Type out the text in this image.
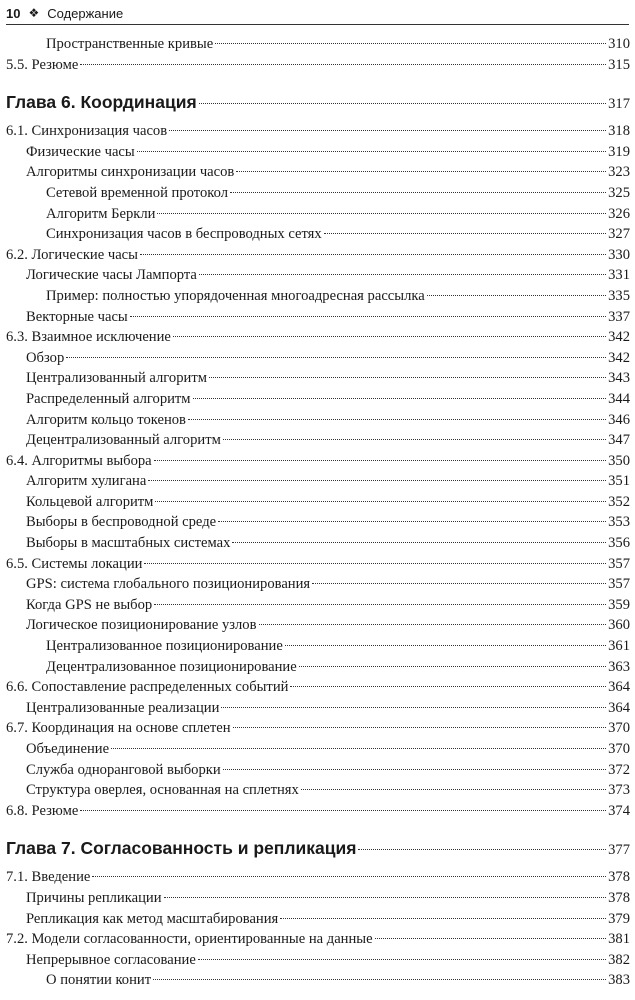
10 ❖ Содержание
Пространственные кривые	310
5.5. Резюме	315
Глава 6. Координация	317
6.1. Синхронизация часов	318
Физические часы	319
Алгоритмы синхронизации часов	323
Сетевой временной протокол	325
Алгоритм Беркли	326
Синхронизация часов в беспроводных сетях	327
6.2. Логические часы	330
Логические часы Лампорта	331
Пример: полностью упорядоченная многоадресная рассылка	335
Векторные часы	337
6.3. Взаимное исключение	342
Обзор	342
Централизованный алгоритм	343
Распределенный алгоритм	344
Алгоритм кольцо токенов	346
Децентрализованный алгоритм	347
6.4. Алгоритмы выбора	350
Алгоритм хулигана	351
Кольцевой алгоритм	352
Выборы в беспроводной среде	353
Выборы в масштабных системах	356
6.5. Системы локации	357
GPS: система глобального позиционирования	357
Когда GPS не выбор	359
Логическое позиционирование узлов	360
Централизованное позиционирование	361
Децентрализованное позиционирование	363
6.6. Сопоставление распределенных событий	364
Централизованные реализации	364
6.7. Координация на основе сплетен	370
Объединение	370
Служба одноранговой выборки	372
Структура оверлея, основанная на сплетнях	373
6.8. Резюме	374
Глава 7. Согласованность и репликация	377
7.1. Введение	378
Причины репликации	378
Репликация как метод масштабирования	379
7.2. Модели согласованности, ориентированные на данные	381
Непрерывное согласование	382
О понятии конит	383
